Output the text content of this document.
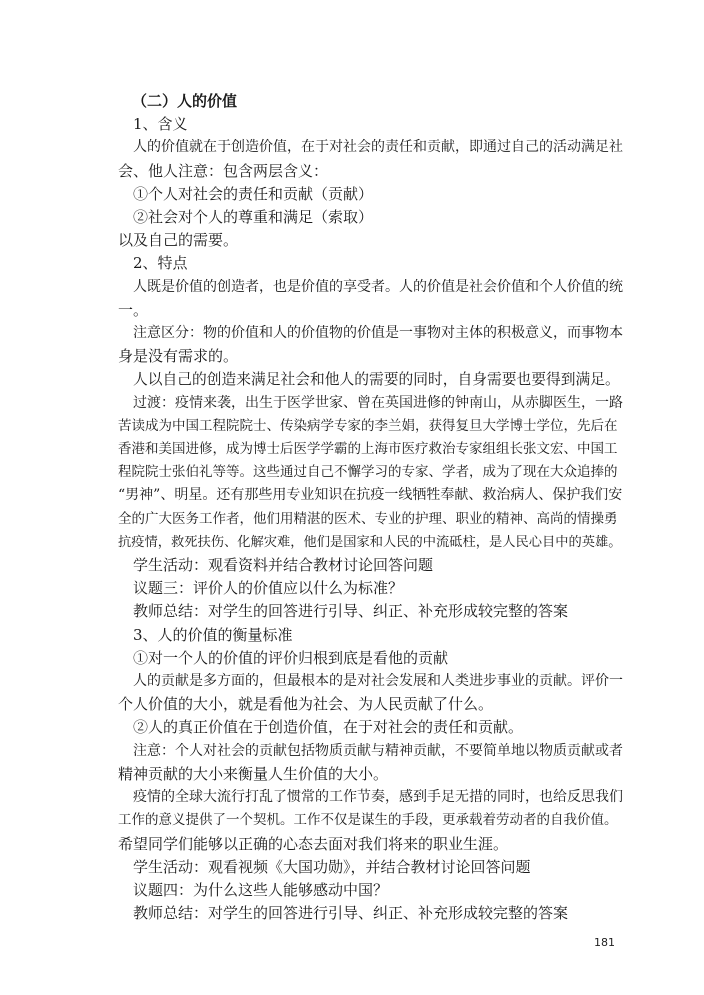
（二）人的价值

1、含义

人的价值就在于创造价值，在于对社会的责任和贡献，即通过自己的活动满足社

会、他人注意：包含两层含义：

①个人对社会的责任和贡献（贡献）

②社会对个人的尊重和满足（索取）

以及自己的需要。

2、特点

人既是价值的创造者，也是价值的享受者。人的价值是社会价值和个人价值的统

一。

注意区分：物的价值和人的价值物的价值是一事物对主体的积极意义，而事物本

身是没有需求的。

人以自己的创造来满足社会和他人的需要的同时，自身需要也要得到满足。

过渡：疫情来袭，出生于医学世家、曾在英国进修的钟南山，从赤脚医生，一路

苦读成为中国工程院院士、传染病学专家的李兰娟，获得复旦大学博士学位，先后在

香港和美国进修，成为博士后医学学霸的上海市医疗救治专家组组长张文宏、中国工

程院院士张伯礼等等。这些通过自己不懈学习的专家、学者，成为了现在大众追捧的

“男神”、明星。还有那些用专业知识在抗疫一线牺牲奉献、救治病人、保护我们安

全的广大医务工作者，他们用精湛的医术、专业的护理、职业的精神、高尚的情操勇

抗疫情，救死扶伤、化解灾难，他们是国家和人民的中流砥柱，是人民心目中的英雄。

学生活动：观看资料并结合教材讨论回答问题

议题三：评价人的价值应以什么为标准？

教师总结：对学生的回答进行引导、纠正、补充形成较完整的答案

3、人的价值的衡量标准

①对一个人的价值的评价归根到底是看他的贡献

人的贡献是多方面的，但最根本的是对社会发展和人类进步事业的贡献。评价一

个人价值的大小，就是看他为社会、为人民贡献了什么。

②人的真正价值在于创造价值，在于对社会的责任和贡献。

注意：个人对社会的贡献包括物质贡献与精神贡献，不要简单地以物质贡献或者

精神贡献的大小来衡量人生价值的大小。

疫情的全球大流行打乱了惯常的工作节奏，感到手足无措的同时，也给反思我们

工作的意义提供了一个契机。工作不仅是谋生的手段，更承载着劳动者的自我价值。

希望同学们能够以正确的心态去面对我们将来的职业生涯。

学生活动：观看视频《大国功勋》，并结合教材讨论回答问题

议题四：为什么这些人能够感动中国？

教师总结：对学生的回答进行引导、纠正、补充形成较完整的答案

181
